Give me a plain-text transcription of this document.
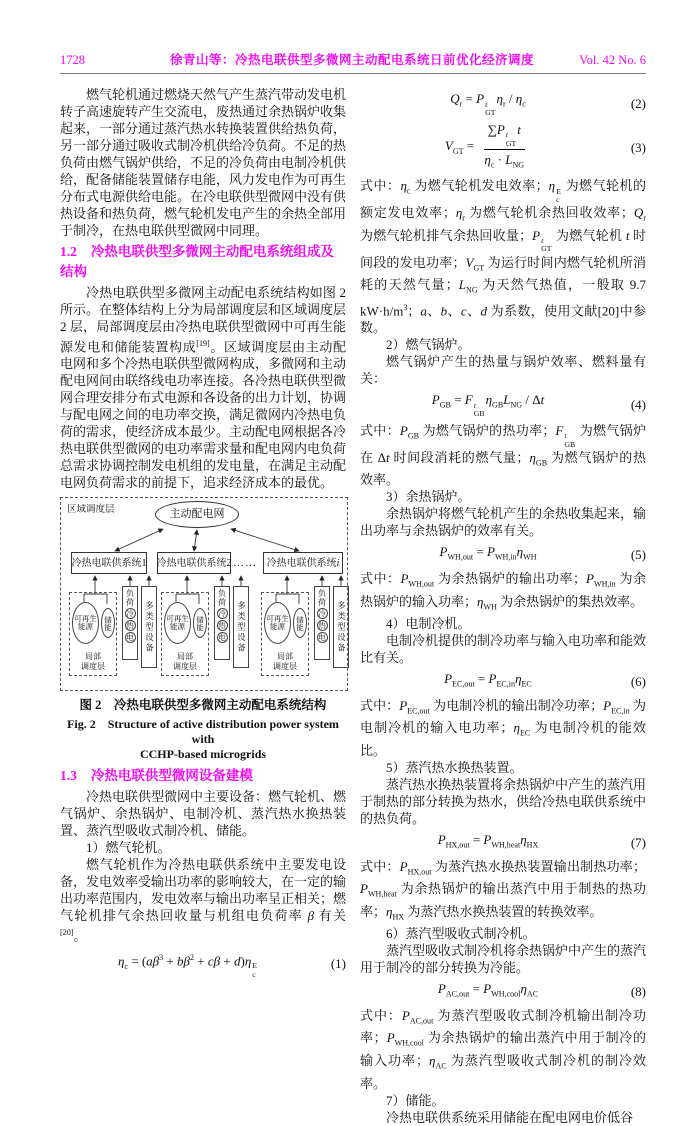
1728	徐青山等：冷热电联供型多微网主动配电系统日前优化经济调度	Vol. 42 No. 6

燃气轮机通过燃烧天然气产生蒸汽带动发电机转子高速旋转产生交流电，废热通过余热锅炉收集起来，一部分通过蒸汽热水转换装置供给热负荷，另一部分通过吸收式制冷机供给冷负荷。不足的热负荷由燃气锅炉供给，不足的冷负荷由电制冷机供给，配备储能装置储存电能，风力发电作为可再生分布式电源供给电能。在冷电联供型微网中没有供热设备和热负荷，燃气轮机发电产生的余热全部用于制冷，在热电联供型微网中同理。

1.2 冷热电联供型多微网主动配电系统组成及结构

冷热电联供型多微网主动配电系统结构如图 2 所示。在整体结构上分为局部调度层和区域调度层 2 层，局部调度层由冷热电联供型微网中可再生能源发电和储能装置构成[19]。区域调度层由主动配电网和多个冷热电联供型微网构成，多微网和主动配电网间由联络线电功率连接。各冷热电联供型微网合理安排分布式电源和各设备的出力计划，协调与配电网之间的电功率交换，满足微网内冷热电负荷的需求，使经济成本最少。主动配电网根据各冷热电联供型微网的电功率需求量和配电网内电负荷总需求协调控制发电机组的发电量，在满足主动配电网负荷需求的前提下，追求经济成本的最优。

区域调度层	主动配电网
冷热电联供系统1 冷热电联供系统2 …… 冷热电联供系统 i
可再生能源	储能
局部
调度层
负荷
冷
热
电	多类型设备	可再生能源	储能
局部
调度层
负荷
冷
热
电	多类型设备	可再生能源	储能
局部
调度层
负荷
冷
热
电	多类型设备
图 2　冷热电联供型多微网主动配电系统结构
Fig. 2　Structure of active distribution power system with
CCHP-based microgrids
1.3 冷热电联供型微网设备建模

冷热电联供型微网中主要设备：燃气轮机、燃气锅炉、余热锅炉、电制冷机、蒸汽热水换热装置、蒸汽型吸收式制冷机、储能。

1）燃气轮机。

燃气轮机作为冷热电联供系统中主要发电设备，发电效率受输出功率的影响较大，在一定的输出功率范围内，发电效率与输出功率呈正相关；燃气轮机排气余热回收量与机组电负荷率 β 有关[20]。

$\eta_c = (a\beta^3 + b\beta^2 + c\beta + d)\eta$ E
c
(1)
$Q_r = P$ t
GT
$\eta_r / \eta_c$	(2)
$V_{GT} = \sum P$ t
GT
t
$\eta_c \cdot L_{NG}$	(3)

式中：$\eta_c$ 为燃气轮机发电效率；η E
c
为燃气轮机的额定发电效率；$\eta_r$ 为燃气轮机余热回收效率；$Q_r$ 为燃气轮机排气余热回收量；P t
GT
为燃气轮机 t 时间段的发电功率；$V_{GT}$ 为运行时间内燃气轮机所消耗的天然气量；$L_{NG}$ 为天然气热值，一般取 9.7 $kW\cdot h/m^3$；a、b、c、d 为系数，使用文献[20]中参数。

2）燃气锅炉。

燃气锅炉产生的热量与锅炉效率、燃料量有关：

$P_{GB} = F$ t
GB
$\eta_{GB}L_{NG}$ / Δt	(4)

式中：$P_{GB}$ 为燃气锅炉的热功率；F t
GB
为燃气锅炉在 Δt 时间段消耗的燃气量；$\eta_{GB}$ 为燃气锅炉的热效率。

3）余热锅炉。

余热锅炉将燃气轮机产生的余热收集起来，输出功率与余热锅炉的效率有关。

$P_{WH,out} = P_{WH,in}\eta_{WH}$	(5)

式中：$P_{WH,out}$ 为余热锅炉的输出功率；$P_{WH,in}$ 为余热锅炉的输入功率；$\eta_{WH}$ 为余热锅炉的集热效率。

4）电制冷机。

电制冷机提供的制冷功率与输入电功率和能效比有关。

$P_{EC,out} = P_{EC,in}\eta_{EC}$	(6)

式中：$P_{EC,out}$ 为电制冷机的输出制冷功率；$P_{EC,in}$ 为电制冷机的输入电功率；$\eta_{EC}$ 为电制冷机的能效比。

5）蒸汽热水换热装置。

蒸汽热水换热装置将余热锅炉中产生的蒸汽用于制热的部分转换为热水，供给冷热电联供系统中的热负荷。

$P_{HX,out} = P_{WH,heat}\eta_{HX}$	(7)

式中：$P_{HX,out}$ 为蒸汽热水换热装置输出制热功率；$P_{WH,heat}$ 为余热锅炉的输出蒸汽中用于制热的热功率；$\eta_{HX}$ 为蒸汽热水换热装置的转换效率。

6）蒸汽型吸收式制冷机。

蒸汽型吸收式制冷机将余热锅炉中产生的蒸汽用于制冷的部分转换为冷能。

$P_{AC,out} = P_{WH,cool}\eta_{AC}$	(8)

式中：$P_{AC,out}$ 为蒸汽型吸收式制冷机输出制冷功率；$P_{WH,cool}$ 为余热锅炉的输出蒸汽中用于制冷的输入功率；$\eta_{AC}$ 为蒸汽型吸收式制冷机的制冷效率。

7）储能。

冷热电联供系统采用储能在配电网电价低谷
